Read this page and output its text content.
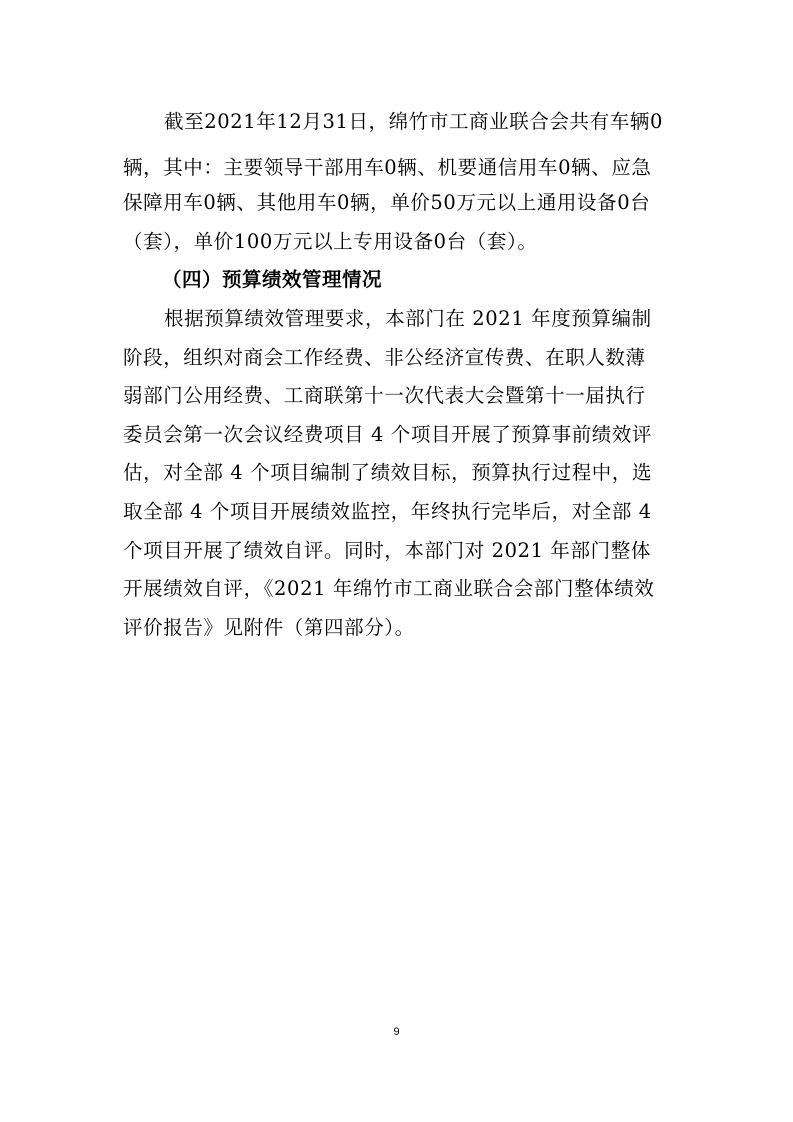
截至2021年12月31日，绵竹市工商业联合会共有车辆0
辆，其中：主要领导干部用车0辆、机要通信用车0辆、应急
保障用车0辆、其他用车0辆，单价50万元以上通用设备0台
（套），单价100万元以上专用设备0台（套）。
（四）预算绩效管理情况
根据预算绩效管理要求，本部门在 2021 年度预算编制
阶段，组织对商会工作经费、非公经济宣传费、在职人数薄
弱部门公用经费、工商联第十一次代表大会暨第十一届执行
委员会第一次会议经费项目 4 个项目开展了预算事前绩效评
估，对全部 4 个项目编制了绩效目标，预算执行过程中，选
取全部 4 个项目开展绩效监控，年终执行完毕后，对全部 4
个项目开展了绩效自评。同时，本部门对 2021 年部门整体
开展绩效自评，《2021 年绵竹市工商业联合会部门整体绩效
评价报告》见附件（第四部分）。
9
